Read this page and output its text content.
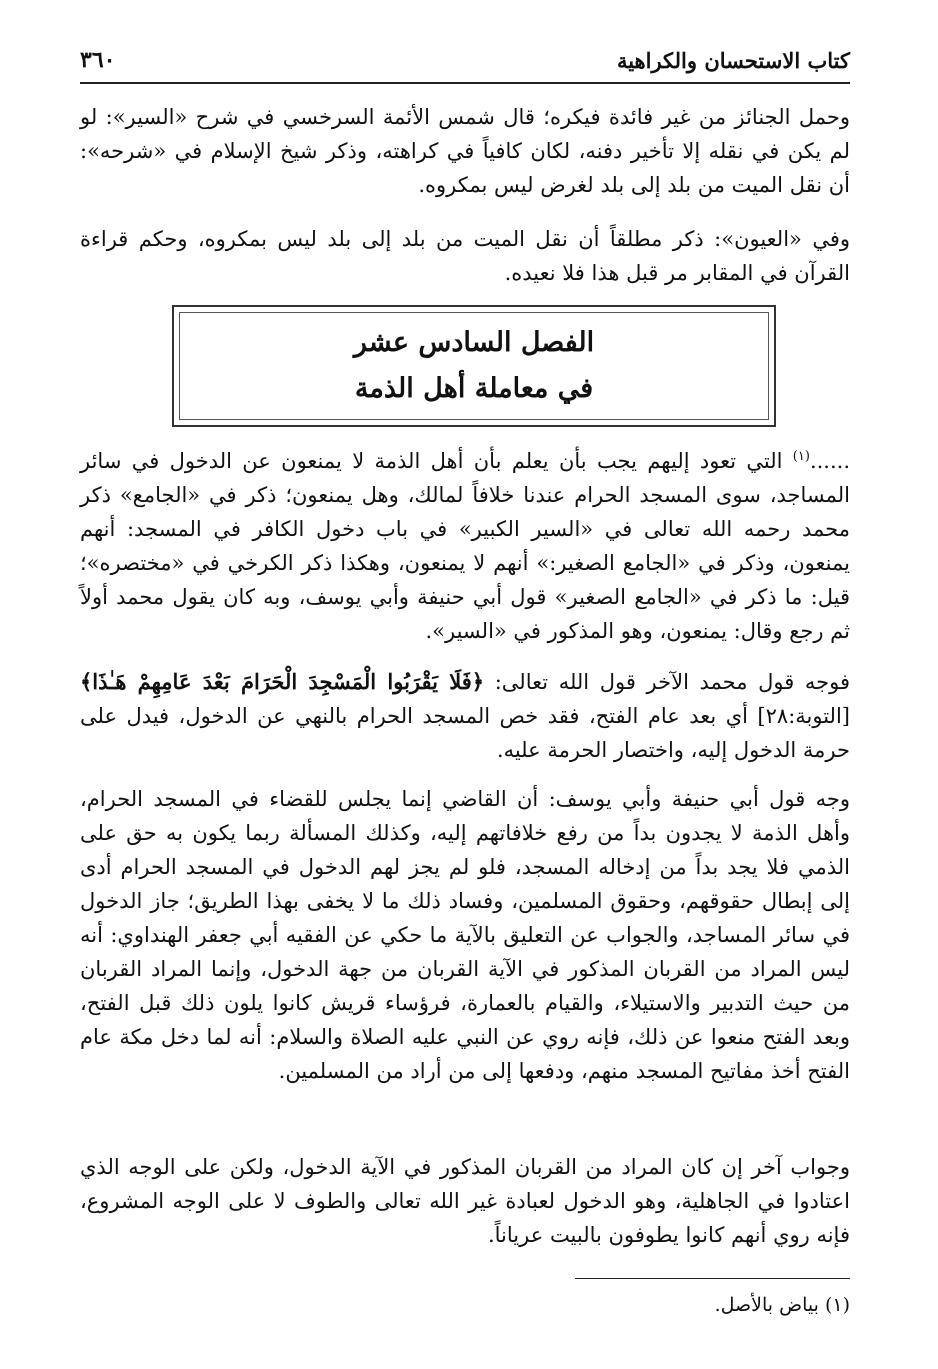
كتاب الاستحسان والكراهية
٣٦٠

وحمل الجنائز من غير فائدة فيكره؛ قال شمس الأئمة السرخسي في شرح «السير»: لو لم يكن في نقله إلا تأخير دفنه، لكان كافياً في كراهته، وذكر شيخ الإسلام في «شرحه»: أن نقل الميت من بلد إلى بلد لغرض ليس بمكروه.

وفي «العيون»: ذكر مطلقاً أن نقل الميت من بلد إلى بلد ليس بمكروه، وحكم قراءة القرآن في المقابر مر قبل هذا فلا نعيده.

الفصل السادس عشر
في معاملة أهل الذمة

......$^{(١)}$ التي تعود إليهم يجب بأن يعلم بأن أهل الذمة لا يمنعون عن الدخول في سائر المساجد، سوى المسجد الحرام عندنا خلافاً لمالك، وهل يمنعون؛ ذكر في «الجامع» ذكر محمد رحمه الله تعالى في «السير الكبير» في باب دخول الكافر في المسجد: أنهم يمنعون، وذكر في «الجامع الصغير:» أنهم لا يمنعون، وهكذا ذكر الكرخي في «مختصره»؛ قيل: ما ذكر في «الجامع الصغير» قول أبي حنيفة وأبي يوسف، وبه كان يقول محمد أولاً ثم رجع وقال: يمنعون، وهو المذكور في «السير».

فوجه قول محمد الآخر قول الله تعالى: ﴿فَلَا يَقْرَبُوا الْمَسْجِدَ الْحَرَامَ بَعْدَ عَامِهِمْ هَـٰذَا﴾ [التوبة:٢٨] أي بعد عام الفتح، فقد خص المسجد الحرام بالنهي عن الدخول، فيدل على حرمة الدخول إليه، واختصار الحرمة عليه.

وجه قول أبي حنيفة وأبي يوسف: أن القاضي إنما يجلس للقضاء في المسجد الحرام، وأهل الذمة لا يجدون بداً من رفع خلافاتهم إليه، وكذلك المسألة ربما يكون به حق على الذمي فلا يجد بداً من إدخاله المسجد، فلو لم يجز لهم الدخول في المسجد الحرام أدى إلى إبطال حقوقهم، وحقوق المسلمين، وفساد ذلك ما لا يخفى بهذا الطريق؛ جاز الدخول في سائر المساجد، والجواب عن التعليق بالآية ما حكي عن الفقيه أبي جعفر الهنداوي: أنه ليس المراد من القربان المذكور في الآية القربان من جهة الدخول، وإنما المراد القربان من حيث التدبير والاستيلاء، والقيام بالعمارة، فرؤساء قريش كانوا يلون ذلك قبل الفتح، وبعد الفتح منعوا عن ذلك، فإنه روي عن النبي عليه الصلاة والسلام: أنه لما دخل مكة عام الفتح أخذ مفاتيح المسجد منهم، ودفعها إلى من أراد من المسلمين.

وجواب آخر إن كان المراد من القربان المذكور في الآية الدخول، ولكن على الوجه الذي اعتادوا في الجاهلية، وهو الدخول لعبادة غير الله تعالى والطوف لا على الوجه المشروع، فإنه روي أنهم كانوا يطوفون بالبيت عرياناً.

(١) بياض بالأصل.
